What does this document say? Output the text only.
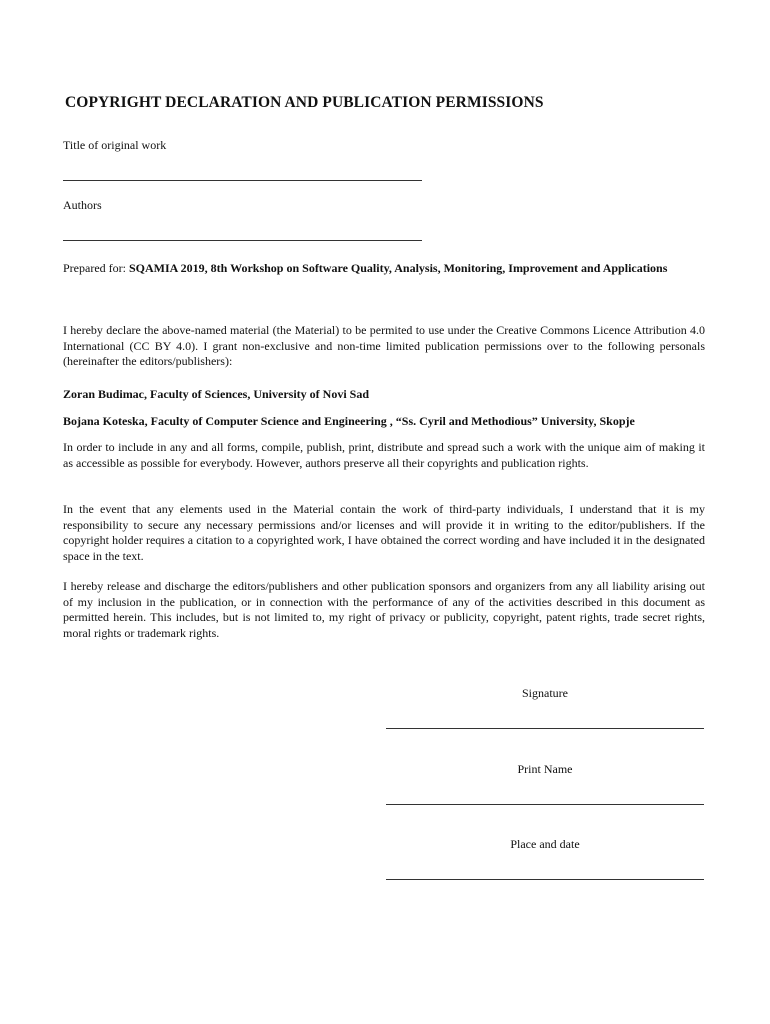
COPYRIGHT DECLARATION AND PUBLICATION PERMISSIONS
Title of original work
Authors
Prepared for: SQAMIA 2019, 8th Workshop on Software Quality, Analysis, Monitoring, Improvement and Applications
I hereby declare the above-named material (the Material) to be permited to use under the Creative Commons Licence Attribution 4.0 International (CC BY 4.0). I grant non-exclusive and non-time limited publication permissions over to the following personals (hereinafter the editors/publishers):
Zoran Budimac, Faculty of Sciences, University of Novi Sad
Bojana Koteska, Faculty of Computer Science and Engineering , “Ss. Cyril and Methodious” University, Skopje
In order to include in any and all forms, compile, publish, print, distribute and spread such a work with the unique aim of making it as accessible as possible for everybody. However, authors preserve all their copyrights and publication rights.
In the event that any elements used in the Material contain the work of third-party individuals, I understand that it is my responsibility to secure any necessary permissions and/or licenses and will provide it in writing to the editor/publishers. If the copyright holder requires a citation to a copyrighted work, I have obtained the correct wording and have included it in the designated space in the text.
I hereby release and discharge the editors/publishers and other publication sponsors and organizers from any all liability arising out of my inclusion in the publication, or in connection with the performance of any of the activities described in this document as permitted herein. This includes, but is not limited to, my right of privacy or publicity, copyright, patent rights, trade secret rights, moral rights or trademark rights.
Signature
Print Name
Place and date
